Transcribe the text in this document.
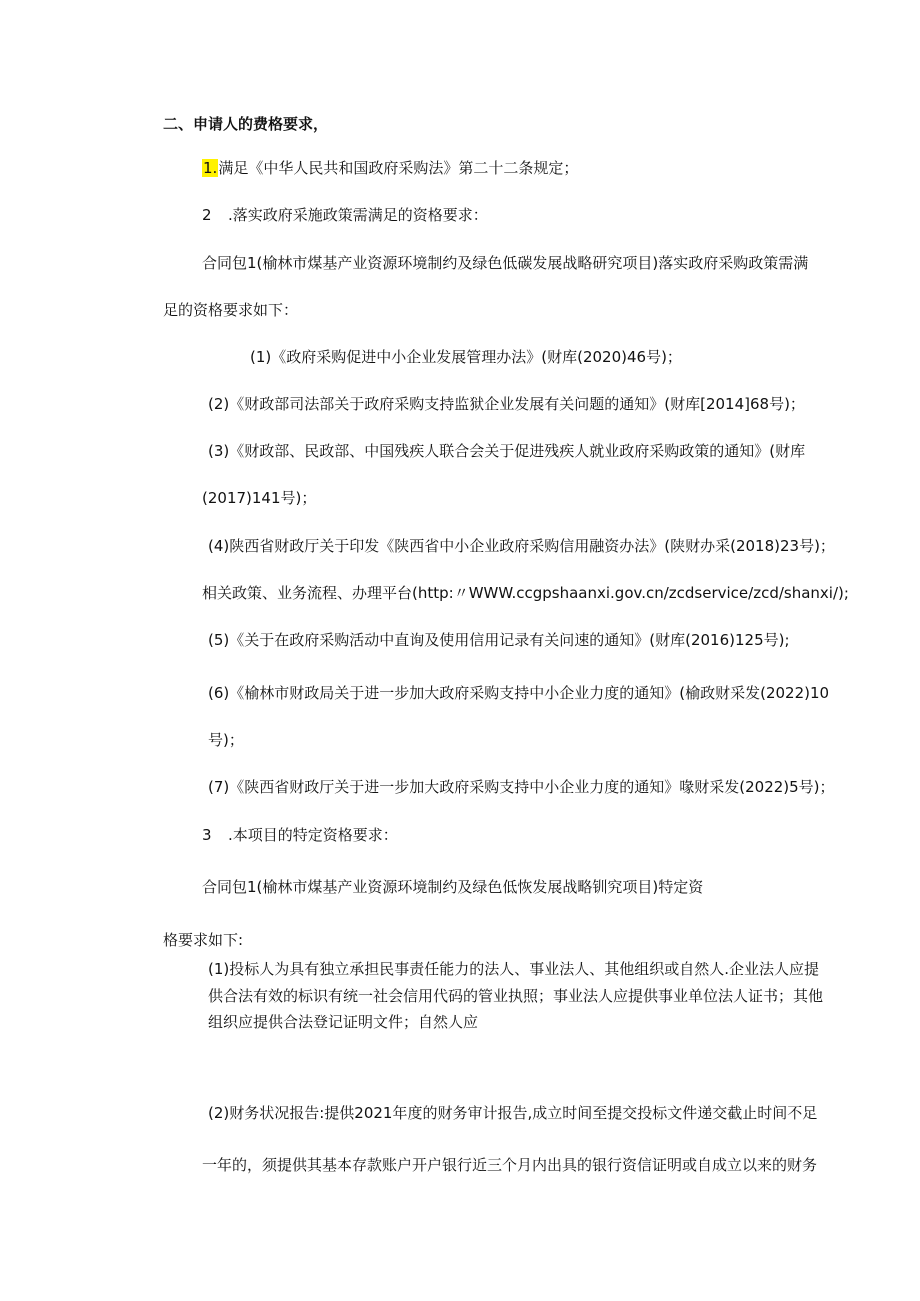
二、申请人的费格要求，

1.满足《中华人民共和国政府采购法》第二十二条规定；

2 .落实政府采施政策需满足的资格要求：

合同包1(榆林市煤基产业资源环境制约及绿色低碳发展战略研究项目)落实政府采购政策需满

足的资格要求如下：

(1)《政府采购促进中小企业发展管理办法》(财库(2020)46号)；

(2)《财政部司法部关于政府采购支持监狱企业发展有关问题的通知》(财库[2014]68号)；

(3)《财政部、民政部、中国残疾人联合会关于促进残疾人就业政府采购政策的通知》(财库

(2017)141号)；

(4)陕西省财政厅关于印发《陕西省中小企业政府采购信用融资办法》(陕财办采(2018)23号)；

相关政策、业务流程、办理平台(http:〃WWW.ccgpshaanxi.gov.cn/zcdservice/zcd/shanxi/);

(5)《关于在政府采购活动中直询及使用信用记录有关问速的通知》(财库(2016)125号);

(6)《榆林市财政局关于进一步加大政府采购支持中小企业力度的通知》(榆政财采发(2022)10

号)；

(7)《陕西省财政厅关于进一步加大政府采购支持中小企业力度的通知》喙财采发(2022)5号)；

3 .本项目的特定资格要求：

合同包1(榆林市煤基产业资源环境制约及绿色低恢发展战略钏究项目)特定资

格要求如下:

(1)投标人为具有独立承担民事责任能力的法人、事业法人、其他组织或自然人.企业法人应提

供合法有效的标识有统一社会信用代码的管业执照；事业法人应提供事业单位法人证书；其他

组织应提供合法登记证明文件；自然人应

(2)财务状况报告:提供2021年度的财务审计报告,成立时间至提交投标文件递交截止时间不足

一年的，须提供其基本存款账户开户银行近三个月内出具的银行资信证明或自成立以来的财务
